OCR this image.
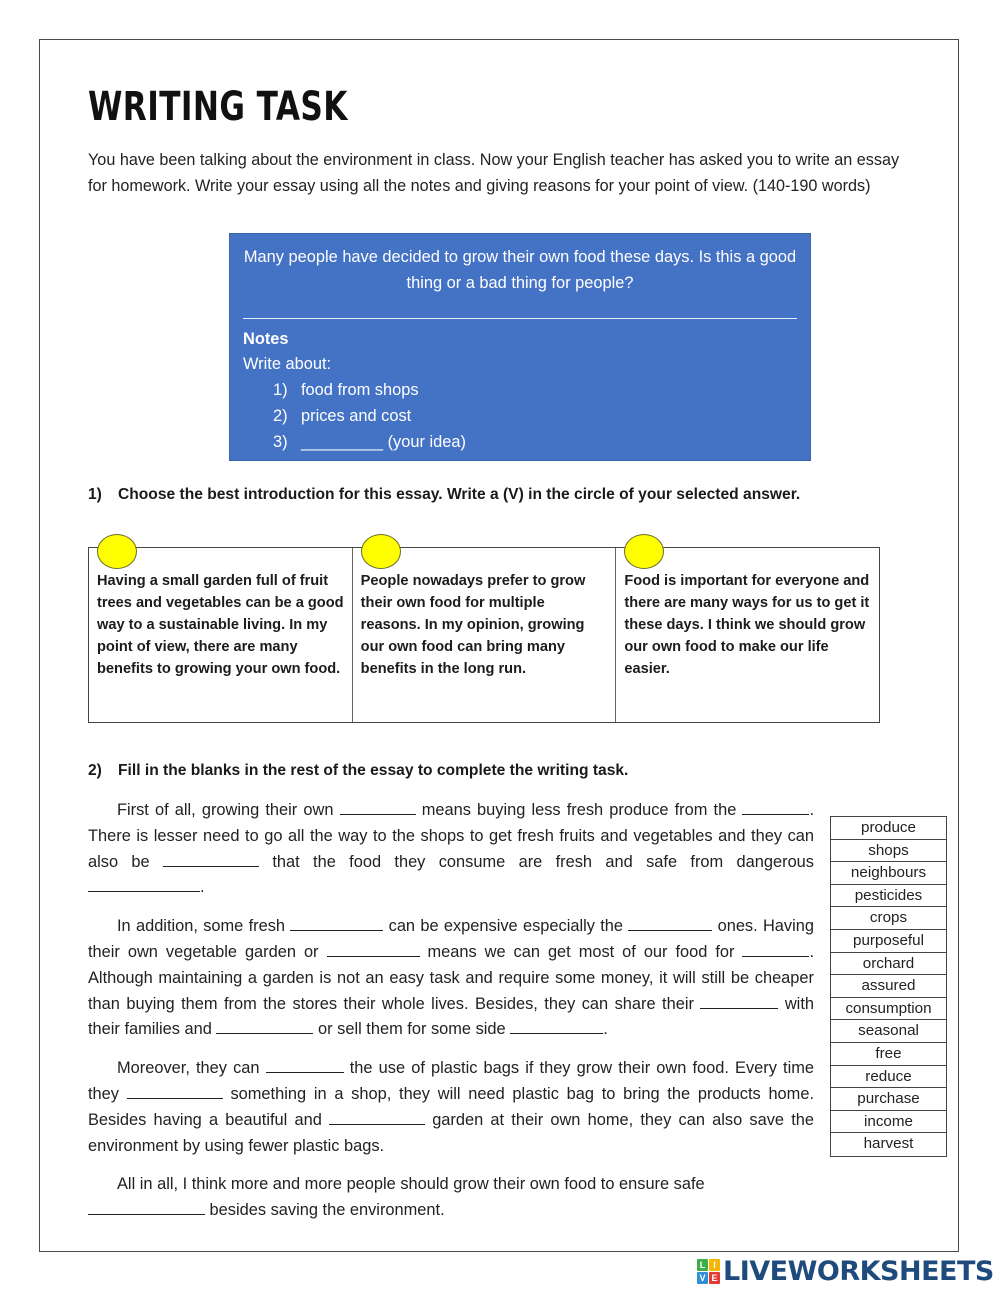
WRITING TASK

You have been talking about the environment in class. Now your English teacher has asked you to write an essay for homework. Write your essay using all the notes and giving reasons for your point of view. (140-190 words)

Many people have decided to grow their own food these days. Is this a good thing or a bad thing for people?
Notes
Write about:
1) food from shops
2) prices and cost
3) _________ (your idea)
1) Choose the best introduction for this essay. Write a (V) in the circle of your selected answer.
Having a small garden full of fruit trees and vegetables can be a good way to a sustainable living. In my point of view, there are many benefits to growing your own food.
People nowadays prefer to grow their own food for multiple reasons. In my opinion, growing our own food can bring many benefits in the long run.
Food is important for everyone and there are many ways for us to get it these days. I think we should grow our own food to make our life easier.
2) Fill in the blanks in the rest of the essay to complete the writing task.

First of all, growing their own	means buying less fresh produce from the	. There is lesser need to go all the way to the shops to get fresh fruits and vegetables and they can also be	that the food they consume are fresh and safe from dangerous .

In addition, some fresh	can be expensive especially the	ones. Having their own vegetable garden or	means we can get most of our food for	. Although maintaining a garden is not an easy task and require some money, it will still be cheaper than buying them from the stores their whole lives. Besides, they can share their	with their families and	or sell them for some side	.

Moreover, they can	the use of plastic bags if they grow their own food. Every time they	something in a shop, they will need plastic bag to bring the products home. Besides having a beautiful and	garden at their own home, they can also save the environment by using fewer plastic bags.

All in all, I think more and more people should grow their own food to ensure safe
besides saving the environment.

produce
shops
neighbours
pesticides
crops
purposeful
orchard
assured
consumption
seasonal
free
reduce
purchase
income
harvest
L I
V E LIVEWORKSHEETS
